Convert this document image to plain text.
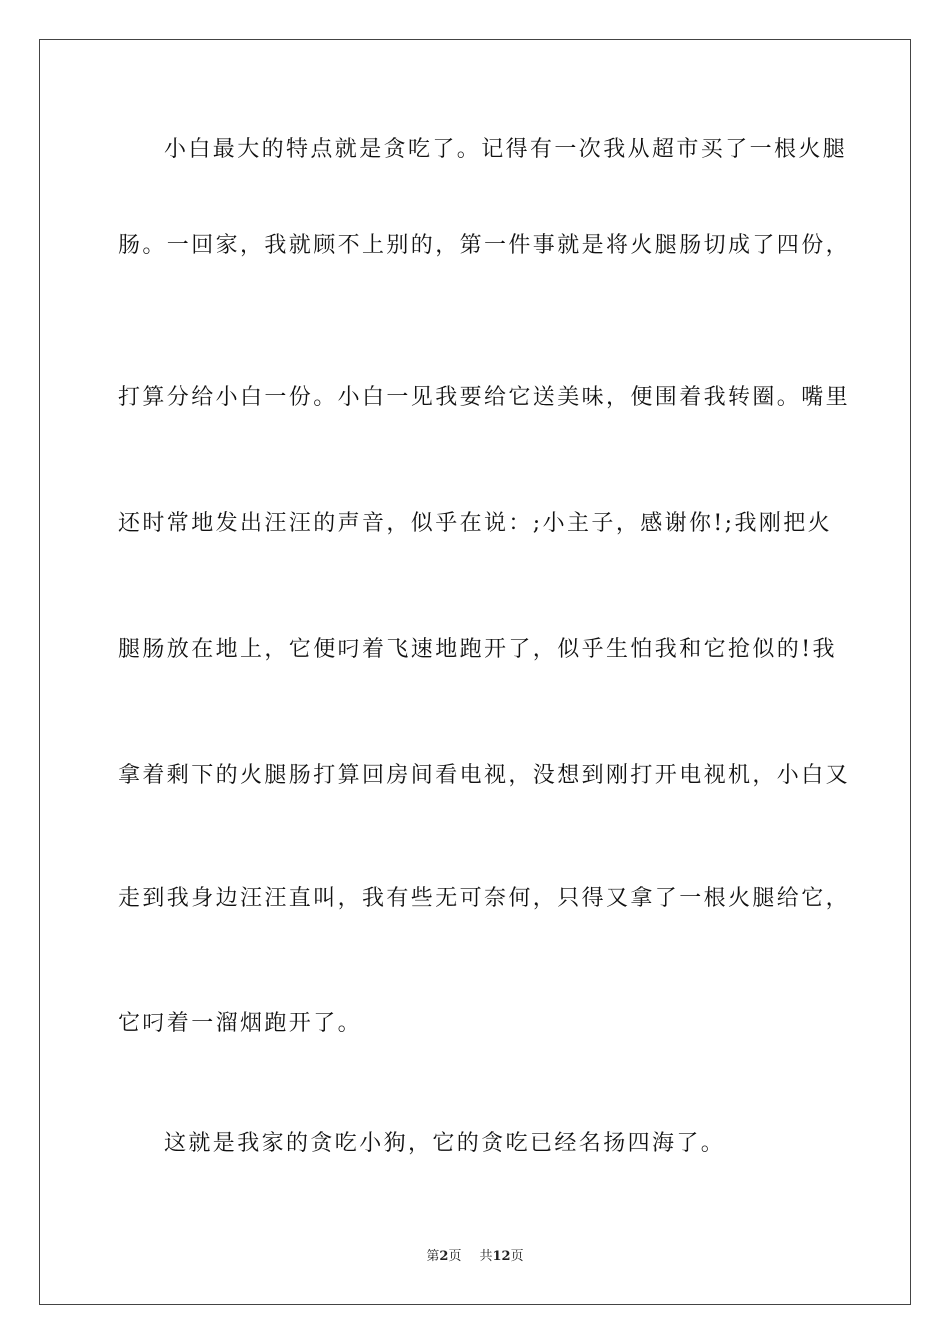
小白最大的特点就是贪吃了。记得有一次我从超市买了一根火腿
肠。一回家，我就顾不上别的，第一件事就是将火腿肠切成了四份，
打算分给小白一份。小白一见我要给它送美味，便围着我转圈。嘴里
还时常地发出汪汪的声音，似乎在说：;小主子，感谢你!;我刚把火
腿肠放在地上，它便叼着飞速地跑开了，似乎生怕我和它抢似的!我
拿着剩下的火腿肠打算回房间看电视，没想到刚打开电视机，小白又
走到我身边汪汪直叫，我有些无可奈何，只得又拿了一根火腿给它，
它叼着一溜烟跑开了。
这就是我家的贪吃小狗，它的贪吃已经名扬四海了。
第2页 共12页
